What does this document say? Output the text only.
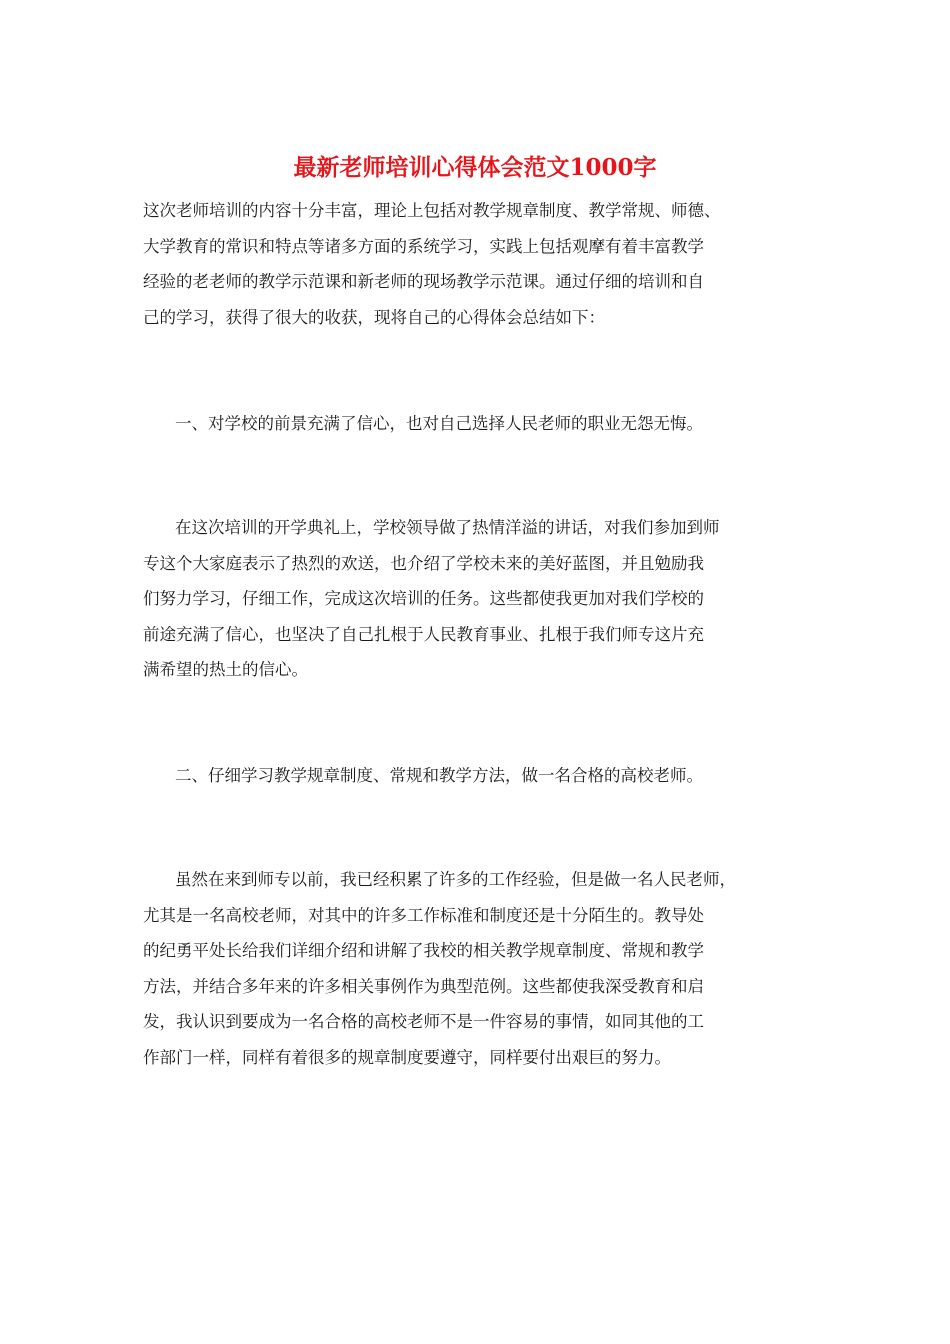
最新老师培训心得体会范文1000字
这次老师培训的内容十分丰富，理论上包括对教学规章制度、教学常规、师德、
大学教育的常识和特点等诸多方面的系统学习，实践上包括观摩有着丰富教学
经验的老老师的教学示范课和新老师的现场教学示范课。通过仔细的培训和自
己的学习，获得了很大的收获，现将自己的心得体会总结如下：
一、对学校的前景充满了信心，也对自己选择人民老师的职业无怨无悔。
在这次培训的开学典礼上，学校领导做了热情洋溢的讲话，对我们参加到师
专这个大家庭表示了热烈的欢送，也介绍了学校未来的美好蓝图，并且勉励我
们努力学习，仔细工作，完成这次培训的任务。这些都使我更加对我们学校的
前途充满了信心，也坚决了自己扎根于人民教育事业、扎根于我们师专这片充
满希望的热土的信心。
二、仔细学习教学规章制度、常规和教学方法，做一名合格的高校老师。
虽然在来到师专以前，我已经积累了许多的工作经验，但是做一名人民老师，
尤其是一名高校老师，对其中的许多工作标准和制度还是十分陌生的。教导处
的纪勇平处长给我们详细介绍和讲解了我校的相关教学规章制度、常规和教学
方法，并结合多年来的许多相关事例作为典型范例。这些都使我深受教育和启
发，我认识到要成为一名合格的高校老师不是一件容易的事情，如同其他的工
作部门一样，同样有着很多的规章制度要遵守，同样要付出艰巨的努力。
